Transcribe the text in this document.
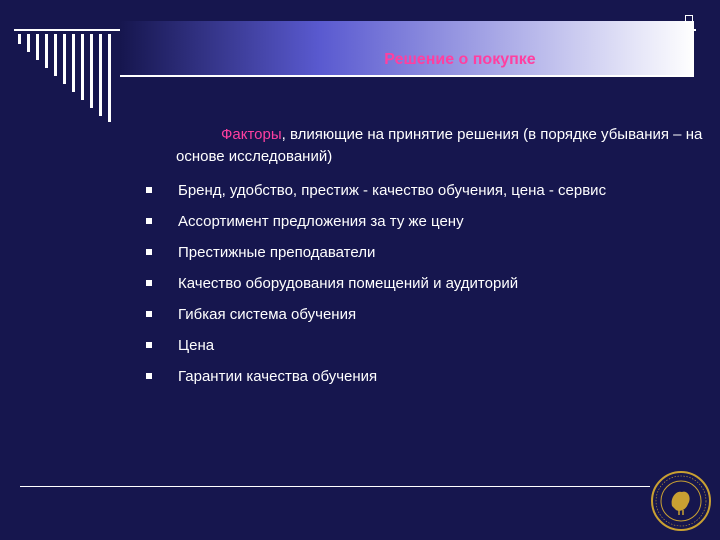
Решение о покупке
Факторы, влияющие на принятие решения (в порядке убывания – на основе исследований)
Бренд, удобство, престиж - качество обучения, цена - сервис
Ассортимент предложения за ту же цену
Престижные преподаватели
Качество оборудования помещений и аудиторий
Гибкая система обучения
Цена
Гарантии качества обучения
